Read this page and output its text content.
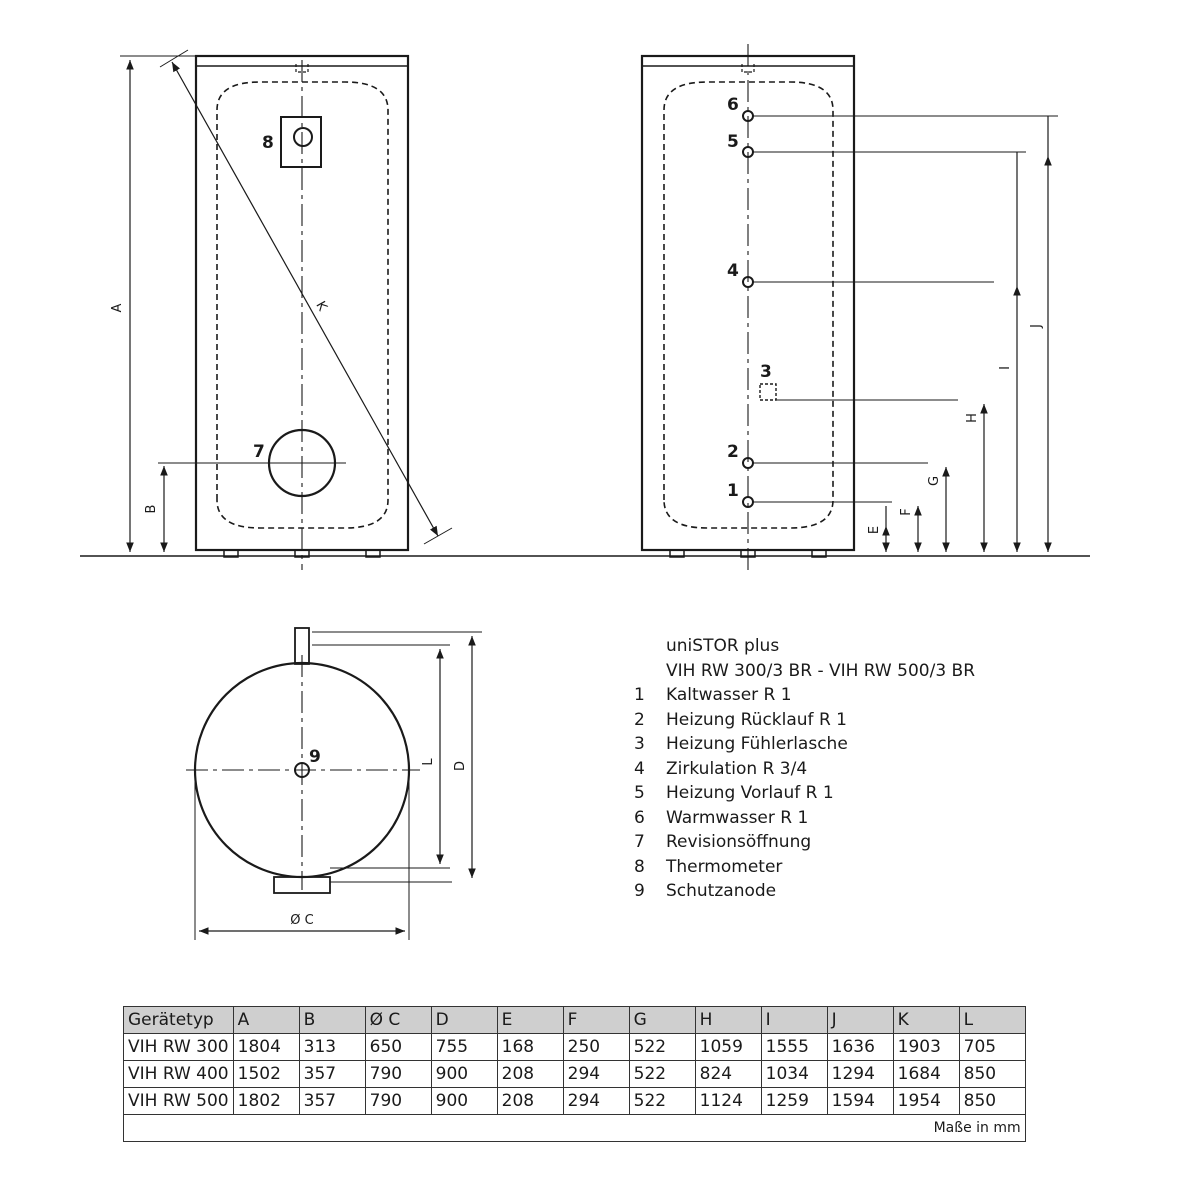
A
B
K
8
7
6
5
4
3
2
1
E
F
G
H
I
J
9	L D
Ø C
uniSTOR plus
VIH RW 300/3 BR - VIH RW 500/3 BR
1	Kaltwasser R 1
2	Heizung Rücklauf R 1
3	Heizung Fühlerlasche
4	Zirkulation R 3/4
5	Heizung Vorlauf R 1
6	Warmwasser R 1
7	Revisionsöffnung
8	Thermometer
9	Schutzanode
Gerätetyp	A	B	Ø C	D	E	F	G	H	I	J	K	L
VIH RW 300	1804	313	650	755	168	250	522	1059	1555	1636	1903	705
VIH RW 400	1502	357	790	900	208	294	522	824	1034	1294	1684	850
VIH RW 500	1802	357	790	900	208	294	522	1124	1259	1594	1954	850
Maße in mm												
